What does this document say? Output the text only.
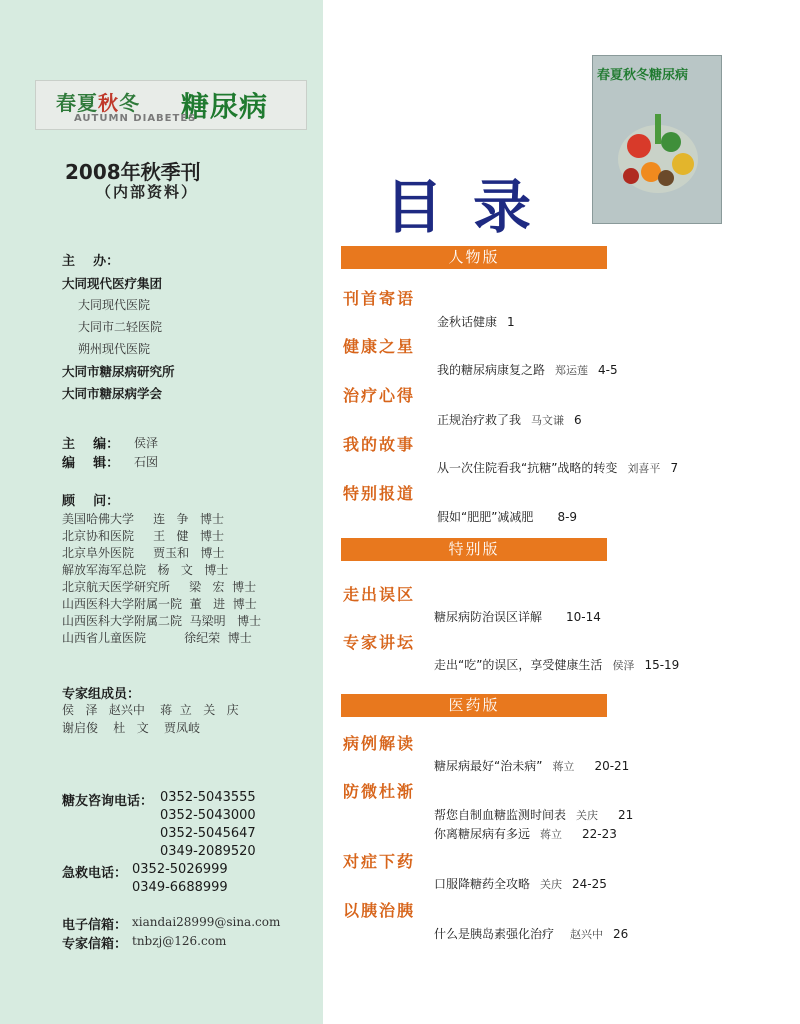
春夏秋冬 糖尿病
AUTUMN DIABETES
2008年秋季刊
（内部资料）
主    办：
大同现代医疗集团
大同现代医院
大同市二轻医院
朔州现代医院
大同市糖尿病研究所
大同市糖尿病学会
主    编： 侯泽
编    辑： 石囡
顾    问：
美国哈佛大学     连   争   博士
北京协和医院     王   健   博士
北京阜外医院     贾玉和   博士
解放军海军总院   杨   文   博士
北京航天医学研究所     梁   宏  博士
山西医科大学附属一院  董   进  博士
山西医科大学附属二院  马梁明   博士
山西省儿童医院          徐纪荣  博士
专家组成员：
侯   泽   赵兴中    蒋  立   关   庆
谢启俊    杜   文    贾凤岐
糖友咨询电话： 0352-5043555
0352-5043000
0352-5045647
0349-2089520
急救电话： 0352-5026999
0349-6688999
电子信箱： xiandai28999@sina.com
专家信箱： tnbzj@126.com
目录
春夏秋冬糖尿病
人物版
特别版
医药版
刊首寄语
金秋话健康 1
健康之星
我的糖尿病康复之路 郑运莲 4-5
治疗心得
正规治疗救了我 马文谦 6
我的故事
从一次住院看我“抗糖”战略的转变 刘喜平 7
特别报道
假如“肥肥”减减肥 8-9
走出误区
糖尿病防治误区详解 10-14
专家讲坛
走出“吃”的误区，享受健康生活 侯泽 15-19
病例解读
糖尿病最好“治未病” 蒋立 20-21
防微杜渐
帮您自制血糖监测时间表 关庆 21
你离糖尿病有多远 蒋立 22-23
对症下药
口服降糖药全攻略 关庆 24-25
以胰治胰
什么是胰岛素强化治疗 赵兴中 26
